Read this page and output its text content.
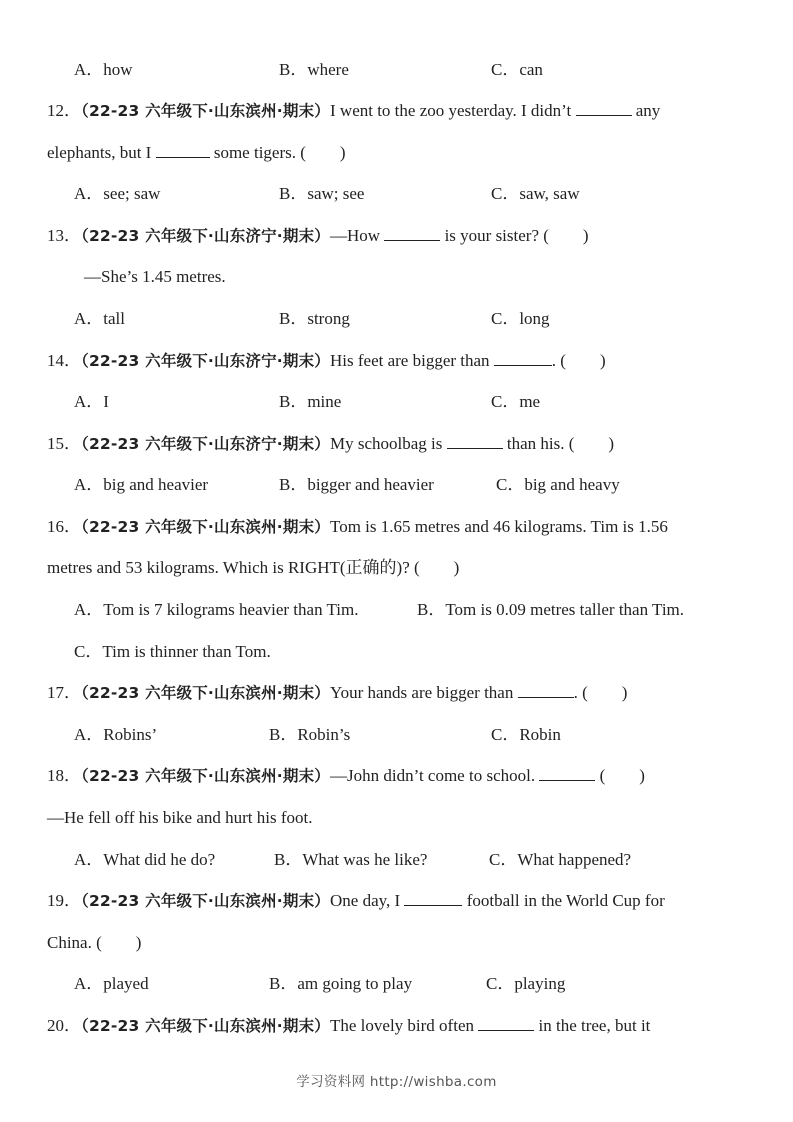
A．how	B．where	C．can
12．（22-23 六年级下·山东滨州·期末）I went to the zoo yesterday. I didn’t	any
elephants, but I	some tigers. (　　)
A．see; saw	B．saw; see	C．saw, saw
13．（22-23 六年级下·山东济宁·期末）—How	is your sister? (　　)
—She’s 1.45 metres.
A．tall	B．strong	C．long
14．（22-23 六年级下·山东济宁·期末）His feet are bigger than	. (　　)
A．I	B．mine	C．me
15．（22-23 六年级下·山东济宁·期末）My schoolbag is	than his. (　　)
A．big and heavier	B．bigger and heavier	C．big and heavy
16．（22-23 六年级下·山东滨州·期末）Tom is 1.65 metres and 46 kilograms. Tim is 1.56
metres and 53 kilograms. Which is RIGHT(正确的)? (　　)
A．Tom is 7 kilograms heavier than Tim.	B．Tom is 0.09 metres taller than Tim.
C．Tim is thinner than Tom.
17．（22-23 六年级下·山东滨州·期末）Your hands are bigger than	. (　　)
A．Robins’	B．Robin’s	C．Robin
18．（22-23 六年级下·山东滨州·期末）—John didn’t come to school.	(　　)
—He fell off his bike and hurt his foot.
A．What did he do?	B．What was he like?	C．What happened?
19．（22-23 六年级下·山东滨州·期末）One day, I	football in the World Cup for
China. (　　)
A．played	B．am going to play	C．playing
20．（22-23 六年级下·山东滨州·期末）The lovely bird often	in the tree, but it
学习资料网 http://wishba.com
